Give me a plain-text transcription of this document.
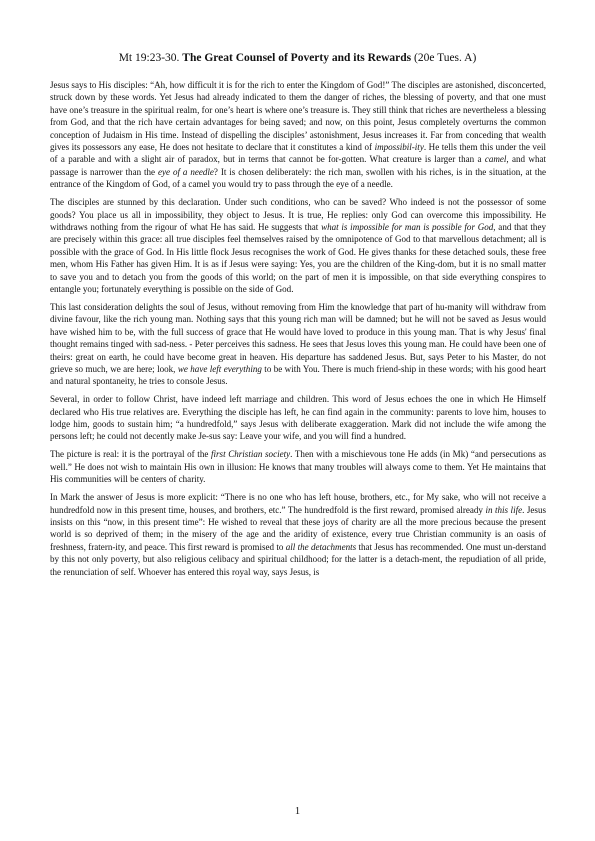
Mt 19:23-30. The Great Counsel of Poverty and its Rewards (20e Tues. A)

Jesus says to His disciples: “Ah, how difficult it is for the rich to enter the Kingdom of God!” The disciples are astonished, disconcerted, struck down by these words. Yet Jesus had already indicated to them the danger of riches, the blessing of poverty, and that one must have one’s treasure in the spiritual realm, for one’s heart is where one’s treasure is. They still think that riches are nevertheless a blessing from God, and that the rich have certain advantages for being saved; and now, on this point, Jesus completely overturns the common conception of Judaism in His time. Instead of dispelling the disciples’ astonishment, Jesus increases it. Far from conceding that wealth gives its possessors any ease, He does not hesitate to declare that it constitutes a kind of impossibil-ity. He tells them this under the veil of a parable and with a slight air of paradox, but in terms that cannot be for-gotten. What creature is larger than a camel, and what passage is narrower than the eye of a needle? It is chosen deliberately: the rich man, swollen with his riches, is in the situation, at the entrance of the Kingdom of God, of a camel you would try to pass through the eye of a needle.

The disciples are stunned by this declaration. Under such conditions, who can be saved? Who indeed is not the possessor of some goods? You place us all in impossibility, they object to Jesus. It is true, He replies: only God can overcome this impossibility. He withdraws nothing from the rigour of what He has said. He suggests that what is impossible for man is possible for God, and that they are precisely within this grace: all true disciples feel themselves raised by the omnipotence of God to that marvellous detachment; all is possible with the grace of God. In His little flock Jesus recognises the work of God. He gives thanks for these detached souls, these free men, whom His Father has given Him. It is as if Jesus were saying: Yes, you are the children of the King-dom, but it is no small matter to save you and to detach you from the goods of this world; on the part of men it is impossible, on that side everything conspires to entangle you; fortunately everything is possible on the side of God.

This last consideration delights the soul of Jesus, without removing from Him the knowledge that part of hu-manity will withdraw from divine favour, like the rich young man. Nothing says that this young rich man will be damned; but he will not be saved as Jesus would have wished him to be, with the full success of grace that He would have loved to produce in this young man. That is why Jesus' final thought remains tinged with sad-ness. - Peter perceives this sadness. He sees that Jesus loves this young man. He could have been one of theirs: great on earth, he could have become great in heaven. His departure has saddened Jesus. But, says Peter to his Master, do not grieve so much, we are here; look, we have left everything to be with You. There is much friend-ship in these words; with his good heart and natural spontaneity, he tries to console Jesus.

Several, in order to follow Christ, have indeed left marriage and children. This word of Jesus echoes the one in which He Himself declared who His true relatives are. Everything the disciple has left, he can find again in the community: parents to love him, houses to lodge him, goods to sustain him; “a hundredfold,” says Jesus with deliberate exaggeration. Mark did not include the wife among the persons left; he could not decently make Je-sus say: Leave your wife, and you will find a hundred.

The picture is real: it is the portrayal of the first Christian society. Then with a mischievous tone He adds (in Mk) “and persecutions as well.” He does not wish to maintain His own in illusion: He knows that many troubles will always come to them. Yet He maintains that His communities will be centers of charity.

In Mark the answer of Jesus is more explicit: “There is no one who has left house, brothers, etc., for My sake, who will not receive a hundredfold now in this present time, houses, and brothers, etc.” The hundredfold is the first reward, promised already in this life. Jesus insists on this “now, in this present time”: He wished to reveal that these joys of charity are all the more precious because the present world is so deprived of them; in the misery of the age and the aridity of existence, every true Christian community is an oasis of freshness, fratern-ity, and peace. This first reward is promised to all the detachments that Jesus has recommended. One must un-derstand by this not only poverty, but also religious celibacy and spiritual childhood; for the latter is a detach-ment, the repudiation of all pride, the renunciation of self. Whoever has entered this royal way, says Jesus, is

1
